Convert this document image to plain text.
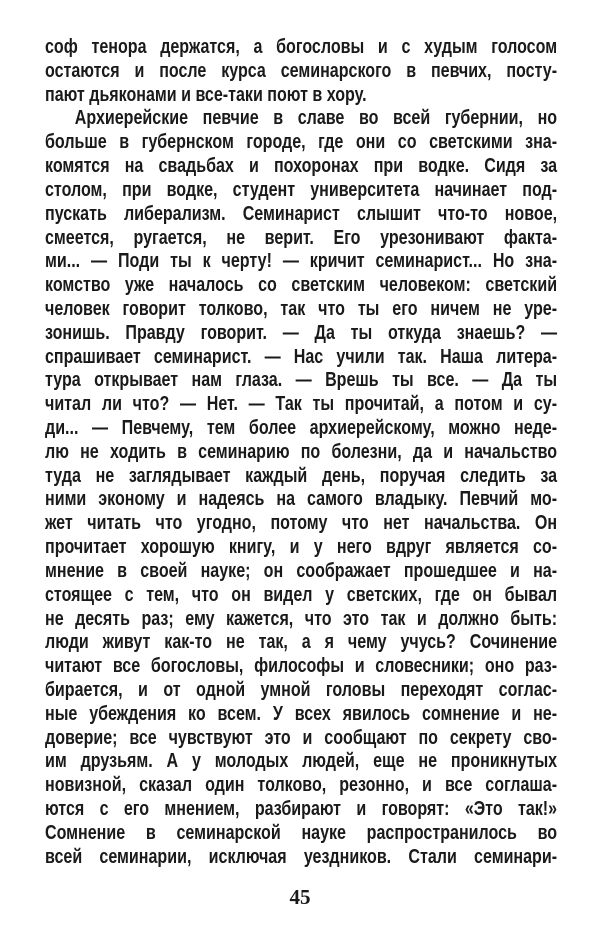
соф тенора держатся, а богословы и с худым голосом
остаются и после курса семинарского в певчих, посту-
пают дьяконами и все-таки поют в хору.
Архиерейские певчие в славе во всей губернии, но
больше в губернском городе, где они со светскими зна-
комятся на свадьбах и похоронах при водке. Сидя за
столом, при водке, студент университета начинает под-
пускать либерализм. Семинарист слышит что-то новое,
смеется, ругается, не верит. Его урезонивают факта-
ми... — Поди ты к черту! — кричит семинарист... Но зна-
комство уже началось со светским человеком: светский
человек говорит толково, так что ты его ничем не уре-
зонишь. Правду говорит. — Да ты откуда знаешь? —
спрашивает семинарист. — Нас учили так. Наша литера-
тура открывает нам глаза. — Врешь ты все. — Да ты
читал ли что? — Нет. — Так ты прочитай, а потом и су-
ди... — Певчему, тем более архиерейскому, можно неде-
лю не ходить в семинарию по болезни, да и начальство
туда не заглядывает каждый день, поручая следить за
ними эконому и надеясь на самого владыку. Певчий мо-
жет читать что угодно, потому что нет начальства. Он
прочитает хорошую книгу, и у него вдруг является со-
мнение в своей науке; он соображает прошедшее и на-
стоящее с тем, что он видел у светских, где он бывал
не десять раз; ему кажется, что это так и должно быть:
люди живут как-то не так, а я чему учусь? Сочинение
читают все богословы, философы и словесники; оно раз-
бирается, и от одной умной головы переходят соглас-
ные убеждения ко всем. У всех явилось сомнение и не-
доверие; все чувствуют это и сообщают по секрету сво-
им друзьям. А у молодых людей, еще не проникнутых
новизной, сказал один толково, резонно, и все соглаша-
ются с его мнением, разбирают и говорят: «Это так!»
Сомнение в семинарской науке распространилось во
всей семинарии, исключая уездников. Стали семинари-
45
